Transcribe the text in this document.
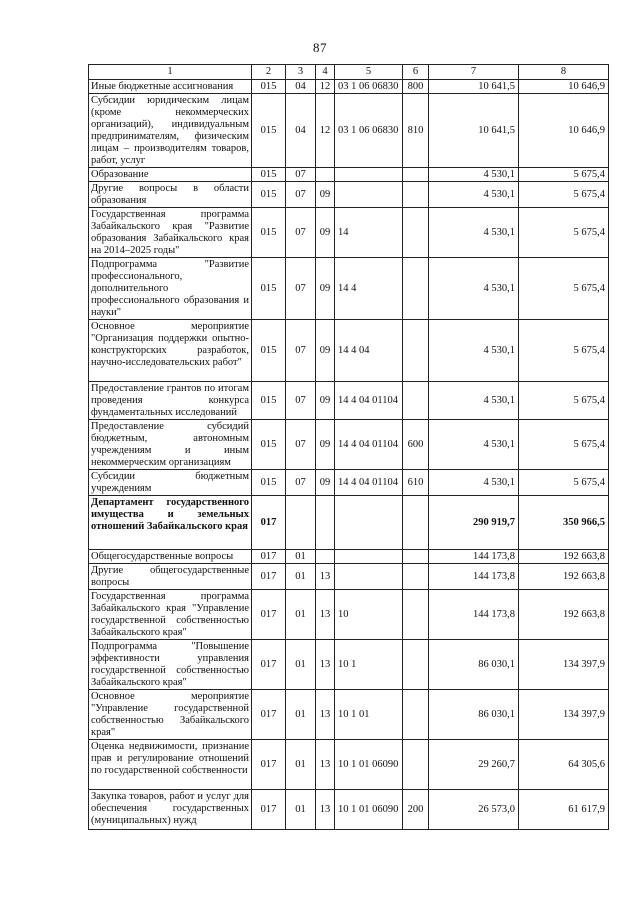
87
1	2	3	4	5	6	7	8
Иные бюджетные ассигнования	015	04	12	03 1 06 06830	800	10 641,5	10 646,9
Субсидии юридическим лицам (кроме некоммерческих организаций), индивидуальным предпринимателям, физическим лицам – производителям товаров, работ, услуг	015	04	12	03 1 06 06830	810	10 641,5	10 646,9
Образование	015	07				4 530,1	5 675,4
Другие вопросы в области образования	015	07	09			4 530,1	5 675,4
Государственная программа Забайкальского края "Развитие образования Забайкальского края на 2014–2025 годы"	015	07	09	14		4 530,1	5 675,4
Подпрограмма "Развитие профессионального, дополнительного профессионального образования и науки"	015	07	09	14 4		4 530,1	5 675,4
Основное мероприятие "Организация поддержки опытно-конструкторских разработок, научно-исследовательских работ"	015	07	09	14 4 04		4 530,1	5 675,4
Предоставление грантов по итогам проведения конкурса фундаментальных исследований	015	07	09	14 4 04 01104		4 530,1	5 675,4
Предоставление субсидий бюджетным, автономным учреждениям и иным некоммерческим организациям	015	07	09	14 4 04 01104	600	4 530,1	5 675,4
Субсидии бюджетным учреждениям	015	07	09	14 4 04 01104	610	4 530,1	5 675,4
Департамент государственного имущества и земельных отношений Забайкальского края	017					290 919,7	350 966,5
Общегосударственные вопросы	017	01				144 173,8	192 663,8
Другие общегосударственные вопросы	017	01	13			144 173,8	192 663,8
Государственная программа Забайкальского края "Управление государственной собственностью Забайкальского края"	017	01	13	10		144 173,8	192 663,8
Подпрограмма "Повышение эффективности управления государственной собственностью Забайкальского края"	017	01	13	10 1		86 030,1	134 397,9
Основное мероприятие "Управление государственной собственностью Забайкальского края"	017	01	13	10 1 01		86 030,1	134 397,9
Оценка недвижимости, признание прав и регулирование отношений по государственной собственности	017	01	13	10 1 01 06090		29 260,7	64 305,6
Закупка товаров, работ и услуг для обеспечения государственных (муниципальных) нужд	017	01	13	10 1 01 06090	200	26 573,0	61 617,9
